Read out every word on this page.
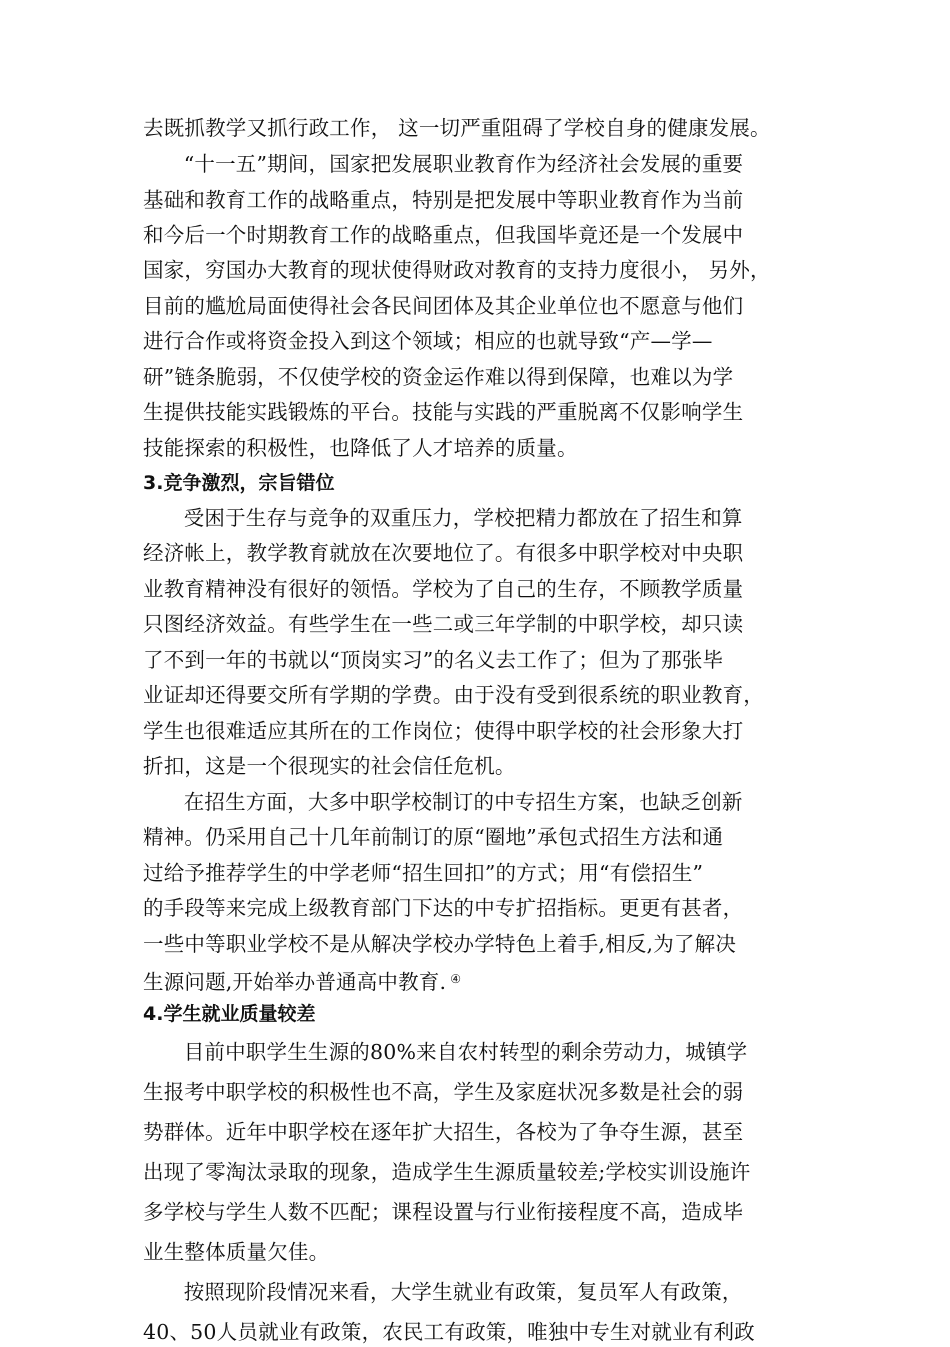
去既抓教学又抓行政工作， 这一切严重阻碍了学校自身的健康发展。
　“十一五”期间，国家把发展职业教育作为经济社会发展的重要
基础和教育工作的战略重点，特别是把发展中等职业教育作为当前
和今后一个时期教育工作的战略重点，但我国毕竟还是一个发展中
国家，穷国办大教育的现状使得财政对教育的支持力度很小， 另外，
目前的尴尬局面使得社会各民间团体及其企业单位也不愿意与他们
进行合作或将资金投入到这个领域；相应的也就导致“产—学—
研”链条脆弱，不仅使学校的资金运作难以得到保障，也难以为学
生提供技能实践锻炼的平台。技能与实践的严重脱离不仅影响学生
技能探索的积极性，也降低了人才培养的质量。
3.竞争激烈，宗旨错位
　受困于生存与竞争的双重压力，学校把精力都放在了招生和算
经济帐上，教学教育就放在次要地位了。有很多中职学校对中央职
业教育精神没有很好的领悟。学校为了自己的生存，不顾教学质量
只图经济效益。有些学生在一些二或三年学制的中职学校，却只读
了不到一年的书就以“顶岗实习”的名义去工作了；但为了那张毕
业证却还得要交所有学期的学费。由于没有受到很系统的职业教育，
学生也很难适应其所在的工作岗位；使得中职学校的社会形象大打
折扣，这是一个很现实的社会信任危机。
　在招生方面，大多中职学校制订的中专招生方案，也缺乏创新
精神。仍采用自己十几年前制订的原“圈地”承包式招生方法和通
过给予推荐学生的中学老师“招生回扣”的方式；用“有偿招生”
的手段等来完成上级教育部门下达的中专扩招指标。更更有甚者，
一些中等职业学校不是从解决学校办学特色上着手,相反,为了解决
生源问题,开始举办普通高中教育. ④
4.学生就业质量较差
　目前中职学生生源的80%来自农村转型的剩余劳动力，城镇学
生报考中职学校的积极性也不高，学生及家庭状况多数是社会的弱
势群体。近年中职学校在逐年扩大招生，各校为了争夺生源，甚至
出现了零淘汰录取的现象，造成学生生源质量较差;学校实训设施许
多学校与学生人数不匹配；课程设置与行业衔接程度不高，造成毕
业生整体质量欠佳。
　按照现阶段情况来看，大学生就业有政策，复员军人有政策，
40、50人员就业有政策，农民工有政策，唯独中专生对就业有利政
